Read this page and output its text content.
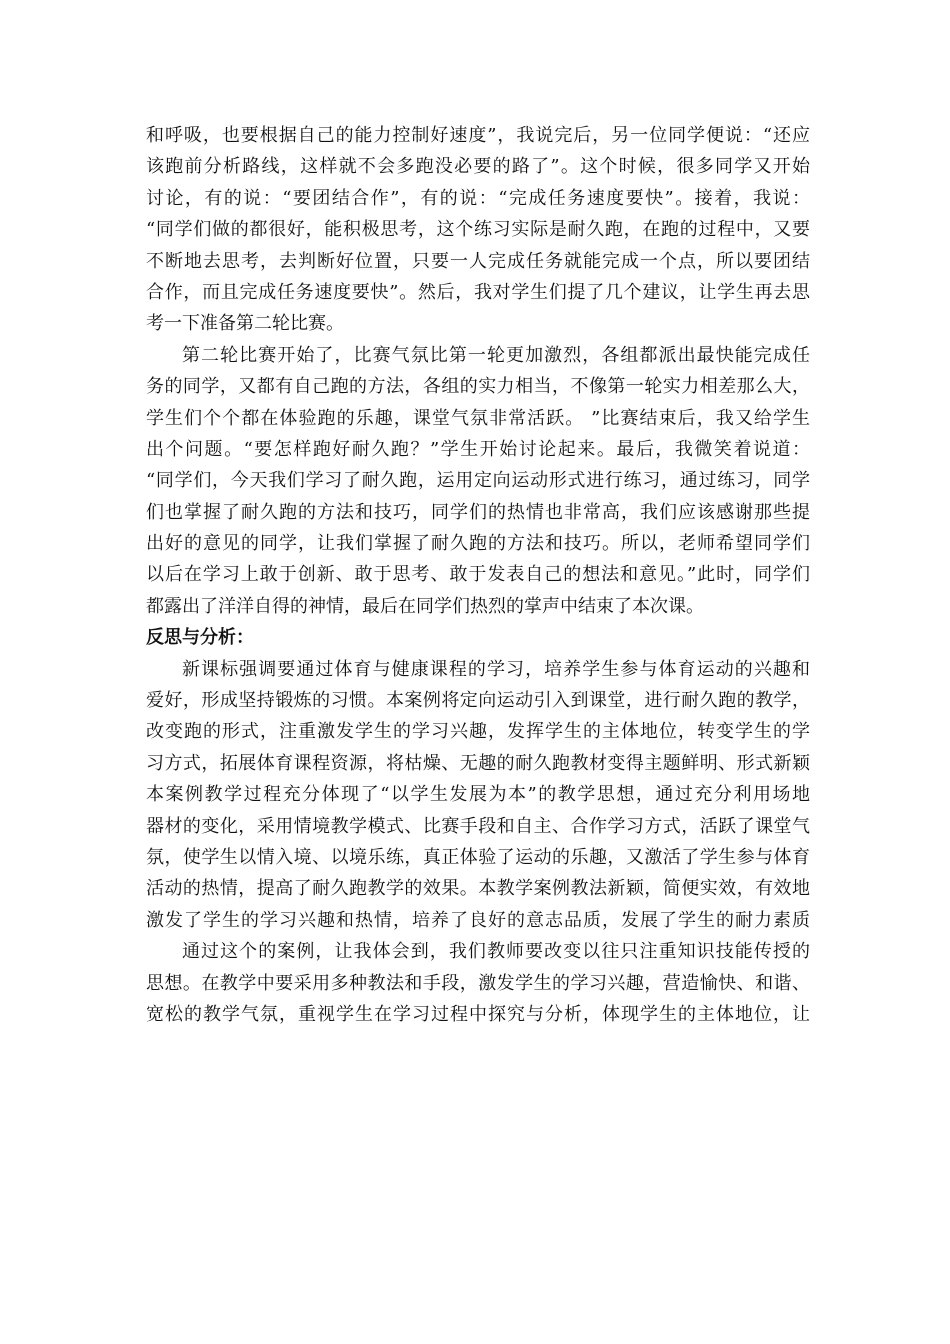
和呼吸，也要根据自己的能力控制好速度”，我说完后，另一位同学便说：“还应
该跑前分析路线，这样就不会多跑没必要的路了”。这个时候，很多同学又开始
讨论，有的说：“要团结合作”，有的说：“完成任务速度要快”。接着，我说：
“同学们做的都很好，能积极思考，这个练习实际是耐久跑，在跑的过程中，又要
不断地去思考，去判断好位置，只要一人完成任务就能完成一个点，所以要团结
合作，而且完成任务速度要快”。然后，我对学生们提了几个建议，让学生再去思
考一下准备第二轮比赛。
第二轮比赛开始了，比赛气氛比第一轮更加激烈，各组都派出最快能完成任
务的同学，又都有自己跑的方法，各组的实力相当，不像第一轮实力相差那么大，
学生们个个都在体验跑的乐趣，课堂气氛非常活跃。 ”比赛结束后，我又给学生
出个问题。“要怎样跑好耐久跑？”学生开始讨论起来。最后，我微笑着说道：
“同学们，今天我们学习了耐久跑，运用定向运动形式进行练习，通过练习，同学
们也掌握了耐久跑的方法和技巧，同学们的热情也非常高，我们应该感谢那些提
出好的意见的同学，让我们掌握了耐久跑的方法和技巧。所以，老师希望同学们
以后在学习上敢于创新、敢于思考、敢于发表自己的想法和意见。”此时，同学们
都露出了洋洋自得的神情，最后在同学们热烈的掌声中结束了本次课。
反思与分析：
新课标强调要通过体育与健康课程的学习，培养学生参与体育运动的兴趣和
爱好，形成坚持锻炼的习惯。本案例将定向运动引入到课堂，进行耐久跑的教学，
改变跑的形式，注重激发学生的学习兴趣，发挥学生的主体地位，转变学生的学
习方式，拓展体育课程资源，将枯燥、无趣的耐久跑教材变得主题鲜明、形式新颖
本案例教学过程充分体现了“以学生发展为本”的教学思想，通过充分利用场地
器材的变化，采用情境教学模式、比赛手段和自主、合作学习方式，活跃了课堂气
氛，使学生以情入境、以境乐练，真正体验了运动的乐趣，又激活了学生参与体育
活动的热情，提高了耐久跑教学的效果。本教学案例教法新颖，简便实效，有效地
激发了学生的学习兴趣和热情，培养了良好的意志品质，发展了学生的耐力素质
通过这个的案例，让我体会到，我们教师要改变以往只注重知识技能传授的
思想。在教学中要采用多种教法和手段，激发学生的学习兴趣，营造愉快、和谐、
宽松的教学气氛，重视学生在学习过程中探究与分析，体现学生的主体地位，让
